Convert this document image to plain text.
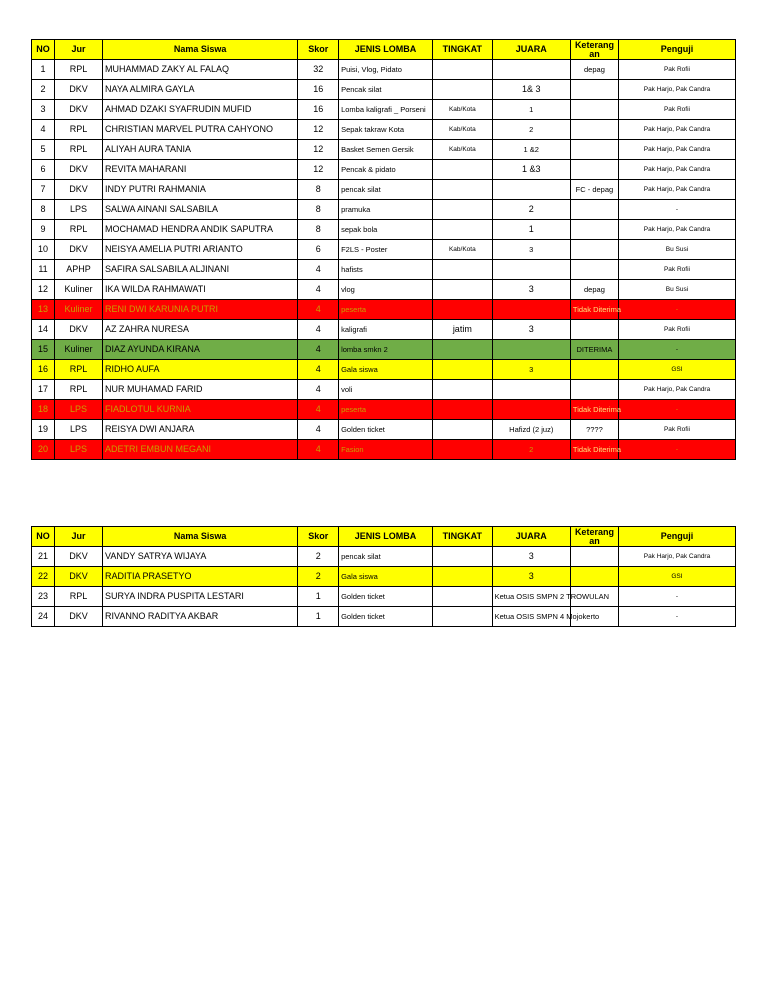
NO	Jur	Nama Siswa	Skor	JENIS LOMBA	TINGKAT	JUARA	Keterang an	Penguji
1	RPL	MUHAMMAD ZAKY AL FALAQ	32	Puisi, Vlog, Pidato			depag	Pak Rofii
2	DKV	NAYA ALMIRA GAYLA	16	Pencak silat		1& 3		Pak Harjo, Pak Candra
3	DKV	AHMAD DZAKI SYAFRUDIN MUFID	16	Lomba kaligrafi _ Porseni	Kab/Kota	1		Pak Rofii
4	RPL	CHRISTIAN MARVEL PUTRA CAHYONO	12	Sepak takraw Kota	Kab/Kota	2		Pak Harjo, Pak Candra
5	RPL	ALIYAH AURA TANIA	12	Basket Semen Gersik	Kab/Kota	1 &2		Pak Harjo, Pak Candra
6	DKV	REVITA MAHARANI	12	Pencak & pidato		1 &3		Pak Harjo, Pak Candra
7	DKV	INDY PUTRI RAHMANIA	8	pencak silat			FC - depag	Pak Harjo, Pak Candra
8	LPS	SALWA AINANI SALSABILA	8	pramuka		2		-
9	RPL	MOCHAMAD HENDRA ANDIK SAPUTRA	8	sepak bola		1		Pak Harjo, Pak Candra
10	DKV	NEISYA AMELIA PUTRI ARIANTO	6	F2LS - Poster	Kab/Kota	3		Bu Susi
11	APHP	SAFIRA SALSABILA ALJINANI	4	hafists				Pak Rofii
12	Kuliner	IKA WILDA RAHMAWATI	4	vlog		3	depag	Bu Susi
13	Kuliner	RENI DWI KARUNIA PUTRI	4	peserta			Tidak Diterima	-
14	DKV	AZ ZAHRA NURESA	4	kaligrafi	jatim	3		Pak Rofii
15	Kuliner	DIAZ AYUNDA KIRANA	4	lomba smkn 2			DITERIMA	-
16	RPL	RIDHO AUFA	4	Gala siswa		3		GSI
17	RPL	NUR MUHAMAD FARID	4	voli				Pak Harjo, Pak Candra
18	LPS	FIADLOTUL KURNIA	4	peserta			Tidak Diterima	-
19	LPS	REISYA DWI ANJARA	4	Golden ticket		Hafizd (2 juz)	????	Pak Rofii
20	LPS	ADETRI EMBUN MEGANI	4	Fasion		2	Tidak Diterima	-
NO	Jur	Nama Siswa	Skor	JENIS LOMBA	TINGKAT	JUARA	Keterang an	Penguji
21	DKV	VANDY SATRYA WIJAYA	2	pencak silat		3		Pak Harjo, Pak Candra
22	DKV	RADITIA PRASETYO	2	Gala siswa		3		GSI
23	RPL	SURYA INDRA PUSPITA LESTARI	1	Golden ticket		Ketua OSIS SMPN 2 TROWULAN		-
24	DKV	RIVANNO RADITYA AKBAR	1	Golden ticket		Ketua OSIS SMPN 4 Mojokerto		-
